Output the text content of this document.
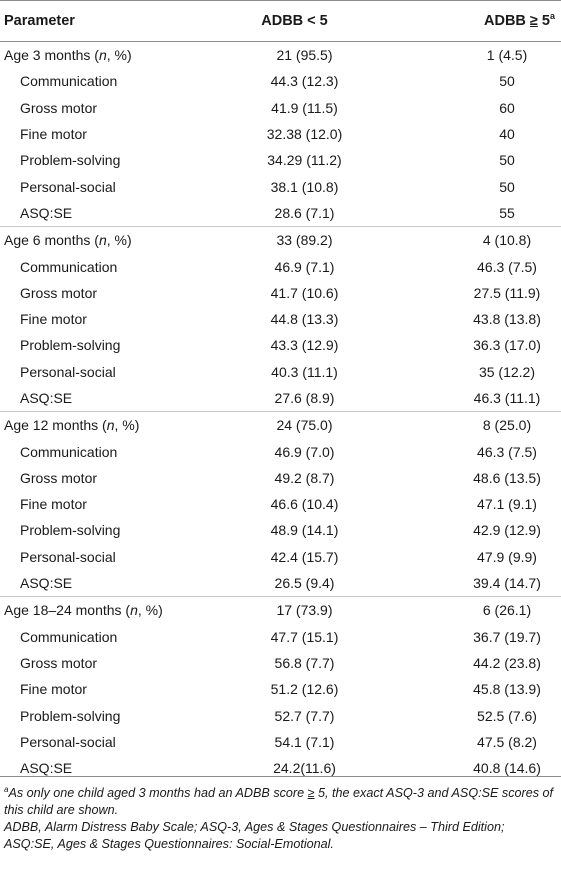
Parameter	ADBB < 5	ADBB ≥ $5^a$
Age 3 months (n, %)	21 (95.5)	1 (4.5)
Communication	44.3 (12.3)	50
Gross motor	41.9 (11.5)	60
Fine motor	32.38 (12.0)	40
Problem-solving	34.29 (11.2)	50
Personal-social	38.1 (10.8)	50
ASQ:SE	28.6 (7.1)	55
Age 6 months (n, %)	33 (89.2)	4 (10.8)
Communication	46.9 (7.1)	46.3 (7.5)
Gross motor	41.7 (10.6)	27.5 (11.9)
Fine motor	44.8 (13.3)	43.8 (13.8)
Problem-solving	43.3 (12.9)	36.3 (17.0)
Personal-social	40.3 (11.1)	35 (12.2)
ASQ:SE	27.6 (8.9)	46.3 (11.1)
Age 12 months (n, %)	24 (75.0)	8 (25.0)
Communication	46.9 (7.0)	46.3 (7.5)
Gross motor	49.2 (8.7)	48.6 (13.5)
Fine motor	46.6 (10.4)	47.1 (9.1)
Problem-solving	48.9 (14.1)	42.9 (12.9)
Personal-social	42.4 (15.7)	47.9 (9.9)
ASQ:SE	26.5 (9.4)	39.4 (14.7)
Age 18–24 months (n, %)	17 (73.9)	6 (26.1)
Communication	47.7 (15.1)	36.7 (19.7)
Gross motor	56.8 (7.7)	44.2 (23.8)
Fine motor	51.2 (12.6)	45.8 (13.9)
Problem-solving	52.7 (7.7)	52.5 (7.6)
Personal-social	54.1 (7.1)	47.5 (8.2)
ASQ:SE	24.2(11.6)	40.8 (14.6)

$^a$As only one child aged 3 months had an ADBB score ≥ 5, the exact ASQ-3 and ASQ:SE scores of this child are shown.

ADBB, Alarm Distress Baby Scale; ASQ-3, Ages & Stages Questionnaires – Third Edition; ASQ:SE, Ages & Stages Questionnaires: Social-Emotional.
